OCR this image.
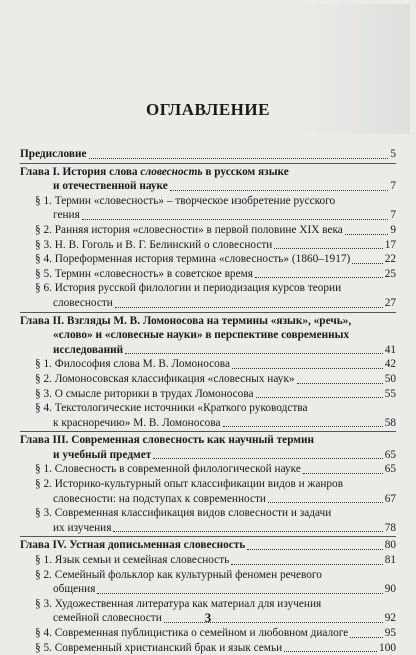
ОГЛАВЛЕНИЕ
Предисловие	5
Глава I. История слова словесность в русском языке
и отечественной науке	7
§ 1. Термин «словесность» – творческое изобретение русского
гения	7
§ 2. Ранняя история «словесности» в первой половине XIX века	9
§ 3. Н. В. Гоголь и В. Г. Белинский о словесности	17
§ 4. Пореформенная история термина «словесность» (1860–1917)	22
§ 5. Термин «словесность» в советское время	25
§ 6. История русской филологии и периодизация курсов теории
словесности	27
Глава II. Взгляды М. В. Ломоносова на термины «язык», «речь»,
«слово» и «словесные науки» в перспективе современных
исследований	41
§ 1. Философия слова М. В. Ломоносова	42
§ 2. Ломоносовская классификация «словесных наук»	50
§ 3. О смысле риторики в трудах Ломоносова	55
§ 4. Текстологические источники «Краткого руководства
к красноречию» М. В. Ломоносова	58
Глава III. Современная словесность как научный термин
и учебный предмет	65
§ 1. Словесность в современной филологической науке	65
§ 2. Историко-культурный опыт классификации видов и жанров
словесности: на подступах к современности	67
§ 3. Современная классификация видов словесности и задачи
их изучения	78
Глава IV. Устная дописьменная словесность	80
§ 1. Язык семьи и семейная словесность	81
§ 2. Семейный фольклор как культурный феномен речевого
общения	90
§ 3. Художественная литература как материал для изучения
семейной словесности	92
§ 4. Современная публицистика о семейном и любовном диалоге	95
§ 5. Современный христианский брак и язык семьи	100
3
